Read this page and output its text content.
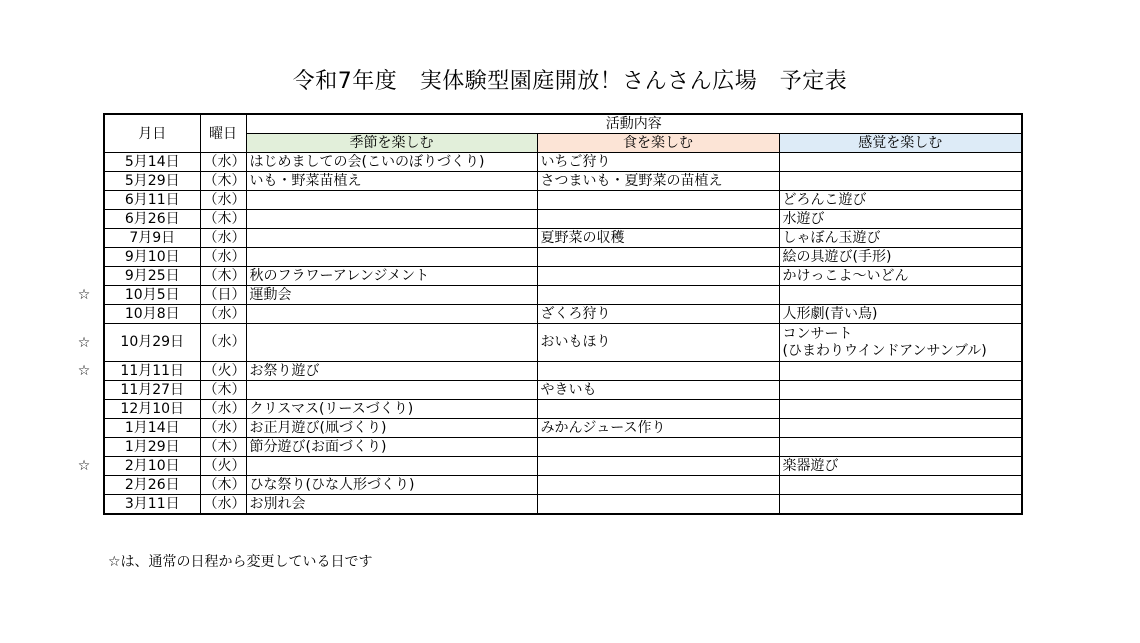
令和7年度　実体験型園庭開放！さんさん広場　予定表
月日	曜日	活動内容		
		季節を楽しむ	食を楽しむ	感覚を楽しむ
5月14日	（水）	はじめましての会(こいのぼりづくり)	いちご狩り	
5月29日	（木）	いも・野菜苗植え	さつまいも・夏野菜の苗植え	
6月11日	（水）			どろんこ遊び
6月26日	（木）			水遊び
7月9日	（水）		夏野菜の収穫	しゃぼん玉遊び
9月10日	（水）			絵の具遊び(手形)
9月25日	（木）	秋のフラワーアレンジメント		かけっこよ～いどん
10月5日	（日）	運動会		
10月8日	（水）		ざくろ狩り	人形劇(青い鳥)
10月29日	（水）		おいもほり	コンサート
(ひまわりウインドアンサンブル)

11月11日	（火）	お祭り遊び		
11月27日	（木）		やきいも	
12月10日	（水）	クリスマス(リースづくり)		
1月14日	（水）	お正月遊び(凧づくり)	みかんジュース作り	
1月29日	（木）	節分遊び(お面づくり)		
2月10日	（火）			楽器遊び
2月26日	（木）	ひな祭り(ひな人形づくり)		
3月11日	（水）	お別れ会		
☆
☆
☆
☆
☆は、通常の日程から変更している日です
